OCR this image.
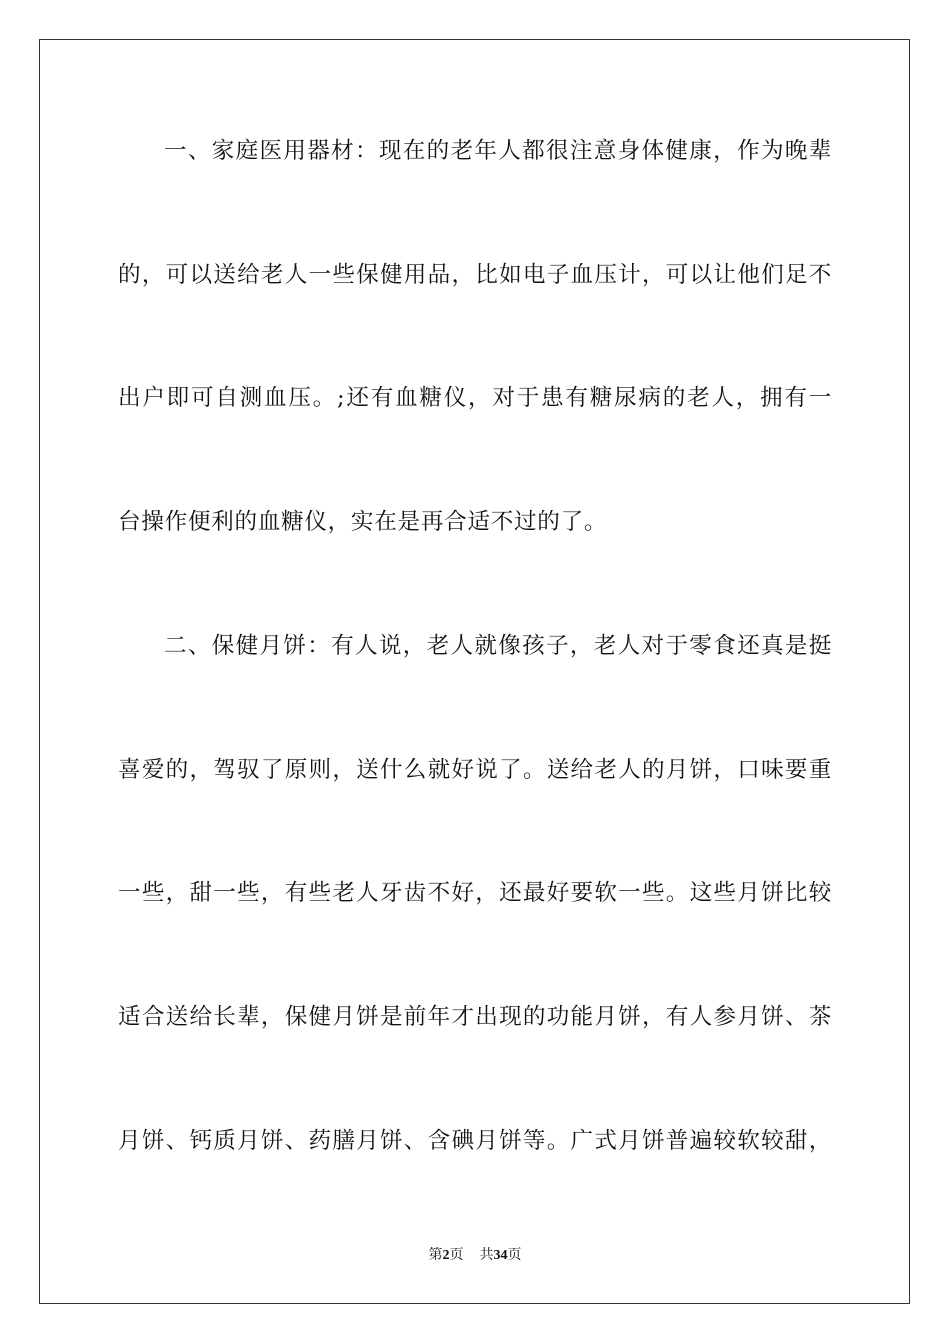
一、家庭医用器材：现在的老年人都很注意身体健康，作为晚辈
的，可以送给老人一些保健用品，比如电子血压计，可以让他们足不
出户即可自测血压。;还有血糖仪，对于患有糖尿病的老人，拥有一
台操作便利的血糖仪，实在是再合适不过的了。
二、保健月饼：有人说，老人就像孩子，老人对于零食还真是挺
喜爱的，驾驭了原则，送什么就好说了。送给老人的月饼，口味要重
一些，甜一些，有些老人牙齿不好，还最好要软一些。这些月饼比较
适合送给长辈，保健月饼是前年才出现的功能月饼，有人参月饼、茶
月饼、钙质月饼、药膳月饼、含碘月饼等。广式月饼普遍较软较甜，
第2页 共34页
